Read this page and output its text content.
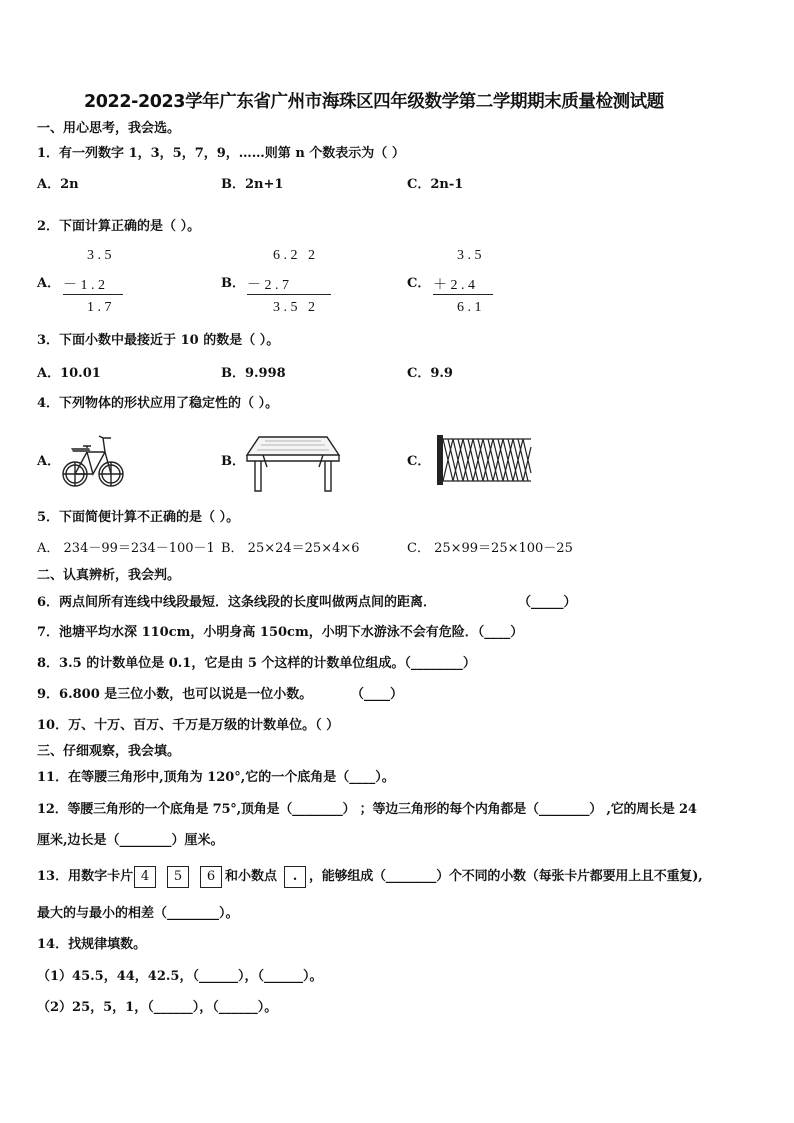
2022-2023学年广东省广州市海珠区四年级数学第二学期期末质量检测试题
一、用心思考，我会选。
1．有一列数字 1，3，5，7，9，……则第 n 个数表示为（ ）
A．2n	B．2n+1	C．2n-1
2．下面计算正确的是（ ）。
A．
3 . 5
－ 1 . 2
1 . 7
B．
6 . 2   2
－ 2 . 7
3 . 5   2
C．
3 . 5
＋ 2 . 4
6 . 1
3．下面小数中最接近于 10 的数是（ ）。
A．10.01	B．9.998	C．9.9
4．下列物体的形状应用了稳定性的（ ）。
A．	B．	C．
5．下面简便计算不正确的是（ ）。
A． 234－99＝234－100－1 B． 25×24＝25×4×6	C． 25×99＝25×100－25
二、认真辨析，我会判。
6．两点间所有连线中线段最短．这条线段的长度叫做两点间的距离．	（_____）
7．池塘平均水深 110cm，小明身高 150cm，小明下水游泳不会有危险．（____）
8．3.5 的计数单位是 0.1，它是由 5 个这样的计数单位组成。（________）
9．6.800 是三位小数，也可以说是一位小数。	（____）
10．万、十万、百万、千万是万级的计数单位。（ ）
三、仔细观察，我会填。
11．在等腰三角形中,顶角为 120°,它的一个底角是（____）。
12．等腰三角形的一个底角是 75°,顶角是（________） ；等边三角形的每个内角都是（________） ,它的周长是 24
厘米,边长是（________）厘米。
13．用数字卡片 4	5	6 和小数点	. ，能够组成（________）个不同的小数（每张卡片都要用上且不重复),
最大的与最小的相差（________）。
14．找规律填数。
（1）45.5，44，42.5，（______），（______）。
（2）25，5，1，（______），（______）。
